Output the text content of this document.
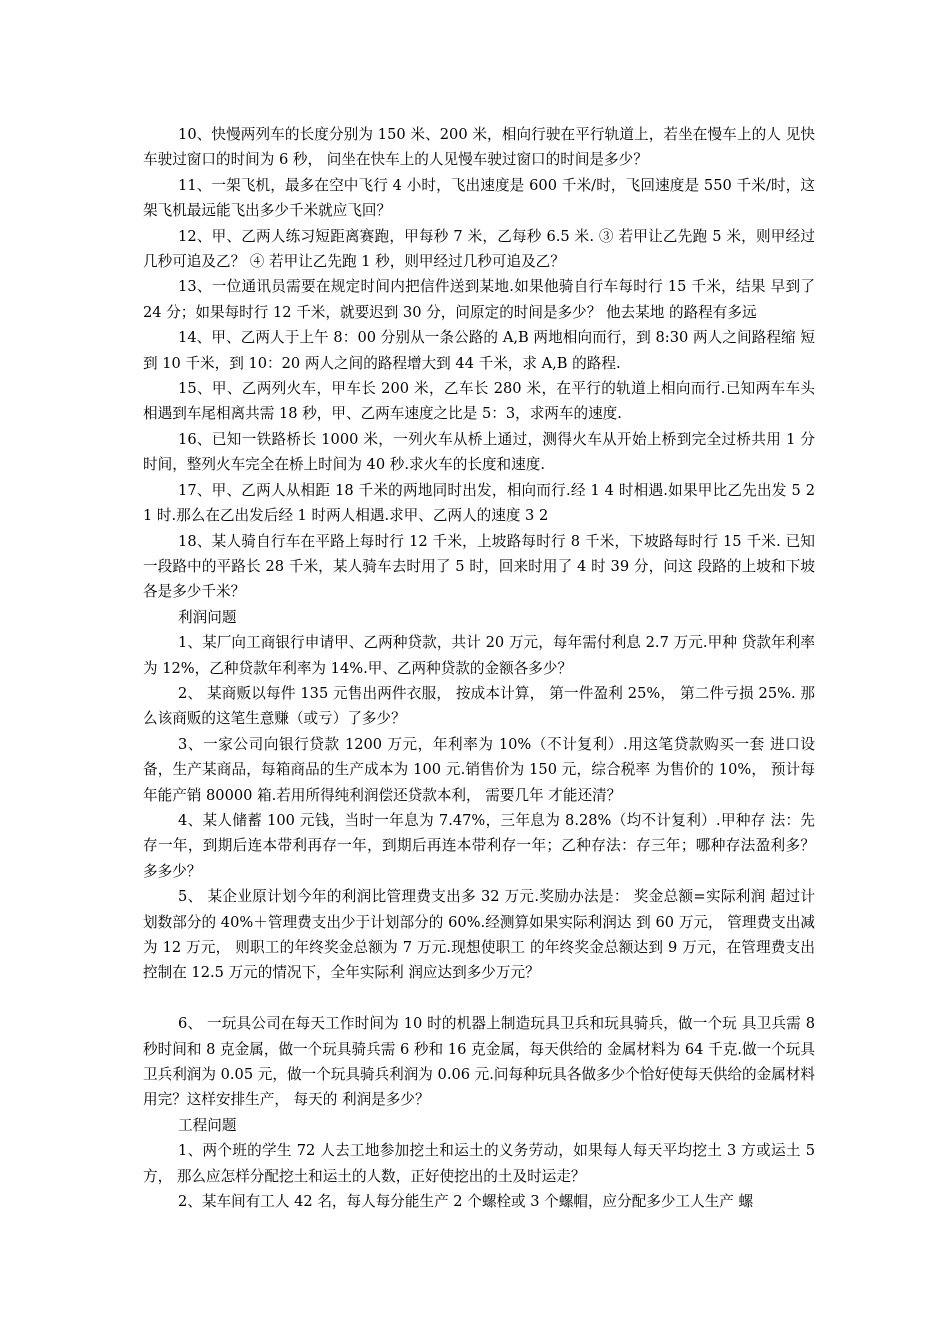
10、快慢两列车的长度分别为 150 米、200 米，相向行驶在平行轨道上，若坐在慢车上的人 见快车驶过窗口的时间为 6 秒， 问坐在快车上的人见慢车驶过窗口的时间是多少？

11、一架飞机，最多在空中飞行 4 小时，飞出速度是 600 千米/时，飞回速度是 550 千米/时，这架飞机最远能飞出多少千米就应飞回？

12、甲、乙两人练习短距离赛跑，甲每秒 7 米，乙每秒 6.5 米. ③ 若甲让乙先跑 5 米，则甲经过几秒可追及乙？ ④ 若甲让乙先跑 1 秒，则甲经过几秒可追及乙？

13、一位通讯员需要在规定时间内把信件送到某地.如果他骑自行车每时行 15 千米，结果 早到了 24 分；如果每时行 12 千米，就要迟到 30 分，问原定的时间是多少？ 他去某地 的路程有多远

14、甲、乙两人于上午 8：00 分别从一条公路的 A,B 两地相向而行，到 8:30 两人之间路程缩 短到 10 千米，到 10：20 两人之间的路程增大到 44 千米，求 A,B 的路程.

15、甲、乙两列火车，甲车长 200 米，乙车长 280 米，在平行的轨道上相向而行.已知两车车头相遇到车尾相离共需 18 秒，甲、乙两车速度之比是 5：3，求两车的速度.

16、已知一铁路桥长 1000 米，一列火车从桥上通过，测得火车从开始上桥到完全过桥共用 1 分时间，整列火车完全在桥上时间为 40 秒.求火车的长度和速度.

17、甲、乙两人从相距 18 千米的两地同时出发，相向而行.经 1 4 时相遇.如果甲比乙先出发 5 2 1 时.那么在乙出发后经 1 时两人相遇.求甲、乙两人的速度 3 2

18、某人骑自行车在平路上每时行 12 千米，上坡路每时行 8 千米，下坡路每时行 15 千米. 已知一段路中的平路长 28 千米，某人骑车去时用了 5 时，回来时用了 4 时 39 分，问这 段路的上坡和下坡各是多少千米？

利润问题

1、某厂向工商银行申请甲、乙两种贷款，共计 20 万元，每年需付利息 2.7 万元.甲种 贷款年利率为 12%，乙种贷款年利率为 14%.甲、乙两种贷款的金额各多少？

2、 某商贩以每件 135 元售出两件衣服， 按成本计算， 第一件盈利 25%， 第二件亏损 25%. 那么该商贩的这笔生意赚（或亏）了多少？

3、一家公司向银行贷款 1200 万元，年利率为 10%（不计复利）.用这笔贷款购买一套 进口设备，生产某商品，每箱商品的生产成本为 100 元.销售价为 150 元，综合税率 为售价的 10%， 预计每年能产销 80000 箱.若用所得纯利润偿还贷款本利， 需要几年 才能还清？

4、某人储蓄 100 元钱，当时一年息为 7.47%，三年息为 8.28%（均不计复利）.甲种存 法：先存一年，到期后连本带利再存一年，到期后再连本带利存一年；乙种存法：存三年；哪种存法盈利多？ 多多少？

5、 某企业原计划今年的利润比管理费支出多 32 万元.奖励办法是： 奖金总额=实际利润 超过计划数部分的 40%＋管理费支出少于计划部分的 60%.经测算如果实际利润达 到 60 万元， 管理费支出减为 12 万元， 则职工的年终奖金总额为 7 万元.现想使职工 的年终奖金总额达到 9 万元，在管理费支出控制在 12.5 万元的情况下，全年实际利 润应达到多少万元？

6、 一玩具公司在每天工作时间为 10 时的机器上制造玩具卫兵和玩具骑兵，做一个玩 具卫兵需 8 秒时间和 8 克金属，做一个玩具骑兵需 6 秒和 16 克金属，每天供给的 金属材料为 64 千克.做一个玩具卫兵利润为 0.05 元，做一个玩具骑兵利润为 0.06 元.问每种玩具各做多少个恰好使每天供给的金属材料用完？这样安排生产， 每天的 利润是多少？

工程问题

1、两个班的学生 72 人去工地参加挖土和运土的义务劳动，如果每人每天平均挖土 3 方或运土 5 方， 那么应怎样分配挖土和运土的人数，正好使挖出的土及时运走？

2、某车间有工人 42 名，每人每分能生产 2 个螺栓或 3 个螺帽，应分配多少工人生产 螺
